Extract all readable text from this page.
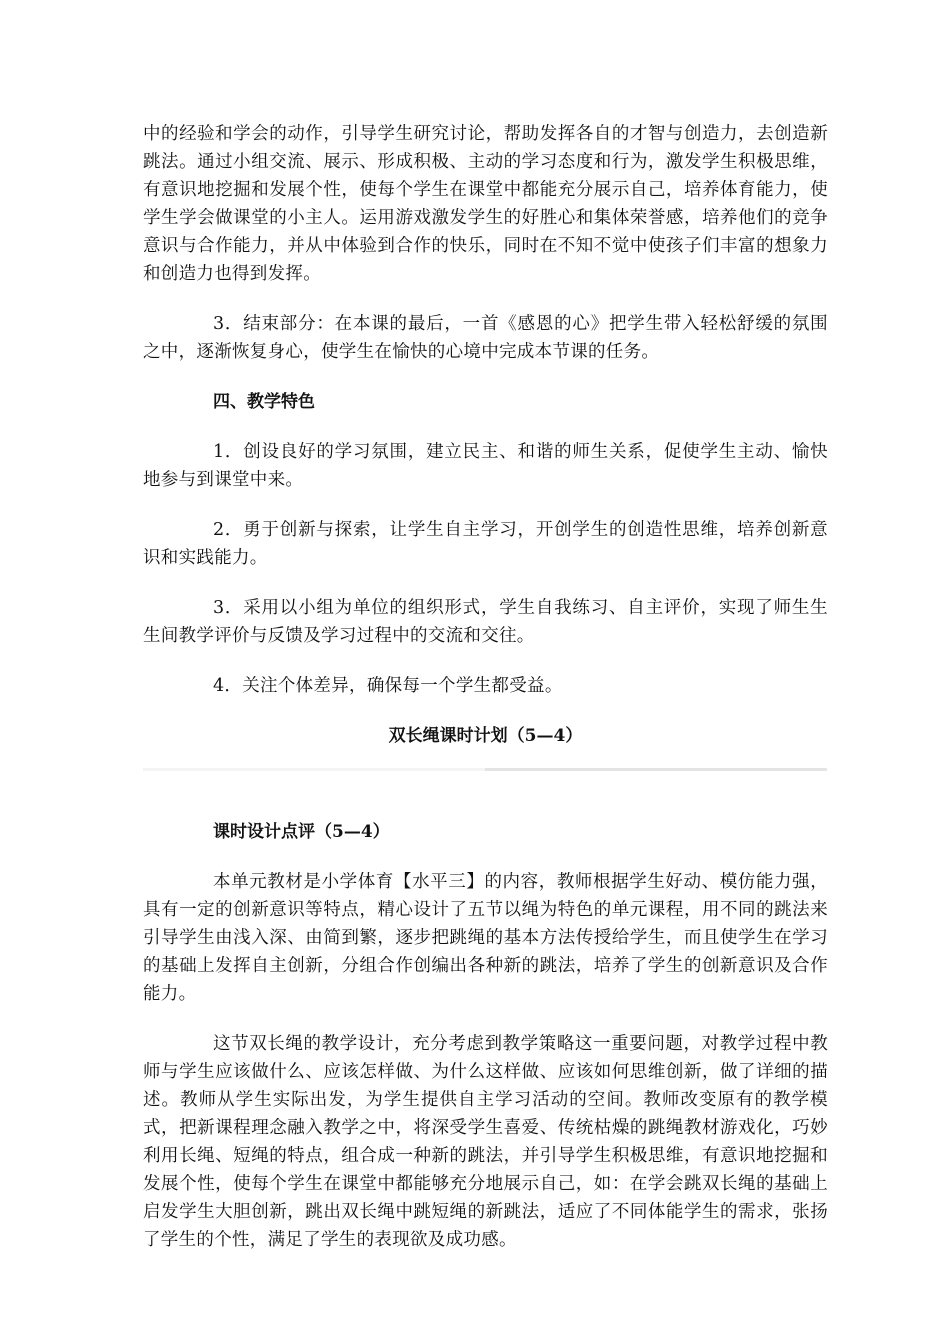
中的经验和学会的动作，引导学生研究讨论，帮助发挥各自的才智与创造力，去创造新跳法。通过小组交流、展示、形成积极、主动的学习态度和行为，激发学生积极思维，有意识地挖掘和发展个性，使每个学生在课堂中都能充分展示自己，培养体育能力，使学生学会做课堂的小主人。运用游戏激发学生的好胜心和集体荣誉感，培养他们的竞争意识与合作能力，并从中体验到合作的快乐，同时在不知不觉中使孩子们丰富的想象力和创造力也得到发挥。

3．结束部分：在本课的最后，一首《感恩的心》把学生带入轻松舒缓的氛围之中，逐渐恢复身心，使学生在愉快的心境中完成本节课的任务。

四、教学特色

1．创设良好的学习氛围，建立民主、和谐的师生关系，促使学生主动、愉快地参与到课堂中来。

2．勇于创新与探索，让学生自主学习，开创学生的创造性思维，培养创新意识和实践能力。

3．采用以小组为单位的组织形式，学生自我练习、自主评价，实现了师生生生间教学评价与反馈及学习过程中的交流和交往。

4．关注个体差异，确保每一个学生都受益。

双长绳课时计划（5—4）

课时设计点评（5—4）

本单元教材是小学体育【水平三】的内容，教师根据学生好动、模仿能力强，具有一定的创新意识等特点，精心设计了五节以绳为特色的单元课程，用不同的跳法来引导学生由浅入深、由简到繁，逐步把跳绳的基本方法传授给学生，而且使学生在学习的基础上发挥自主创新，分组合作创编出各种新的跳法，培养了学生的创新意识及合作能力。

这节双长绳的教学设计，充分考虑到教学策略这一重要问题，对教学过程中教师与学生应该做什么、应该怎样做、为什么这样做、应该如何思维创新，做了详细的描述。教师从学生实际出发，为学生提供自主学习活动的空间。教师改变原有的教学模式，把新课程理念融入教学之中，将深受学生喜爱、传统枯燥的跳绳教材游戏化，巧妙利用长绳、短绳的特点，组合成一种新的跳法，并引导学生积极思维，有意识地挖掘和发展个性，使每个学生在课堂中都能够充分地展示自己，如：在学会跳双长绳的基础上启发学生大胆创新，跳出双长绳中跳短绳的新跳法，适应了不同体能学生的需求，张扬了学生的个性，满足了学生的表现欲及成功感。
